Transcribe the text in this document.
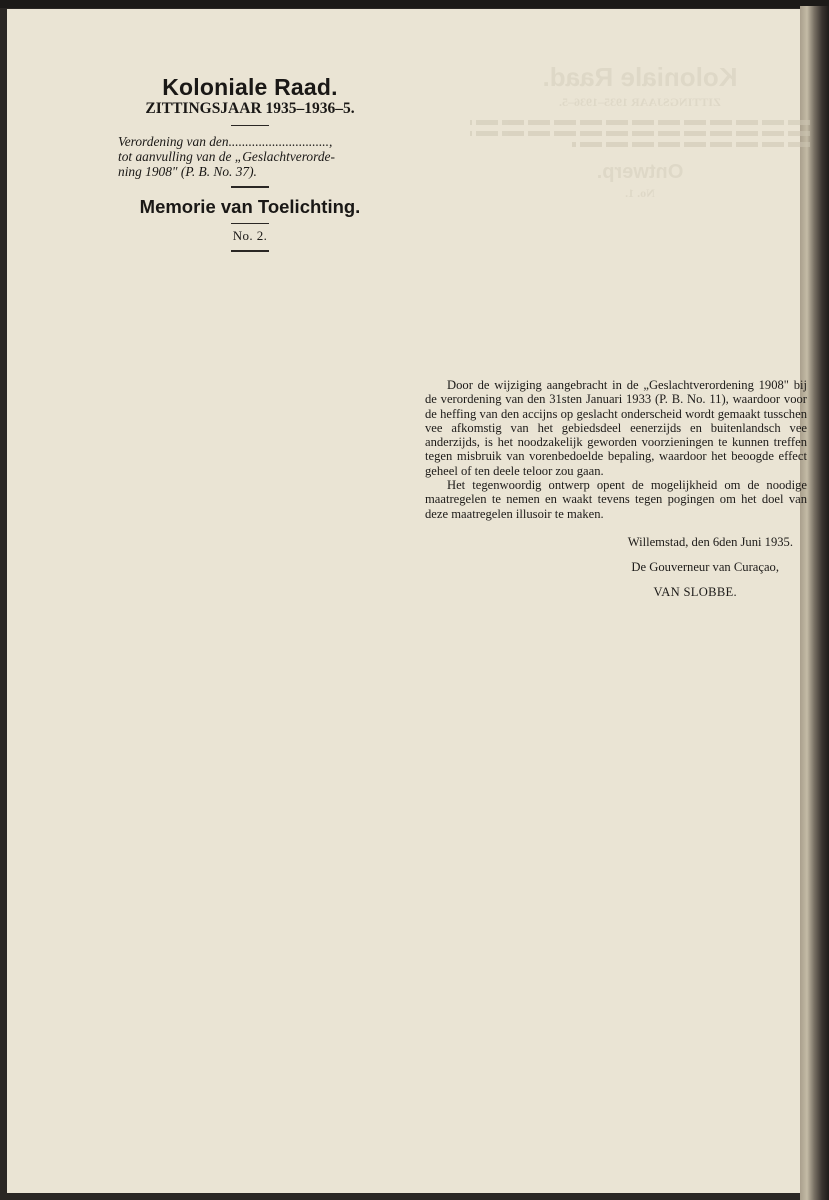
Koloniale Raad.

ZITTINGSJAAR 1935–1936–5.

Ontwerp.

No. 1.

Koloniale Raad.

ZITTINGSJAAR 1935–1936–5.

Verordening van den..............................,

tot aanvulling van de „Geslachtverorde-
ning 1908" (P. B. No. 37).

Memorie van Toelichting.

No. 2.

Door de wijziging aangebracht in de „Geslachtverordening 1908" bij de verordening van den 31sten Januari 1933 (P. B. No. 11), waardoor voor de heffing van den accijns op geslacht onderscheid wordt gemaakt tusschen vee afkomstig van het gebiedsdeel eenerzijds en buitenlandsch vee anderzijds, is het noodzakelijk geworden voorzieningen te kunnen treffen tegen misbruik van vorenbedoelde bepaling, waardoor het beoogde effect geheel of ten deele teloor zou gaan.

Het tegenwoordig ontwerp opent de mogelijkheid om de noodige maatregelen te nemen en waakt tevens tegen pogingen om het doel van deze maatregelen illusoir te maken.

Willemstad, den 6den Juni 1935.

De Gouverneur van Curaçao,

VAN SLOBBE.
